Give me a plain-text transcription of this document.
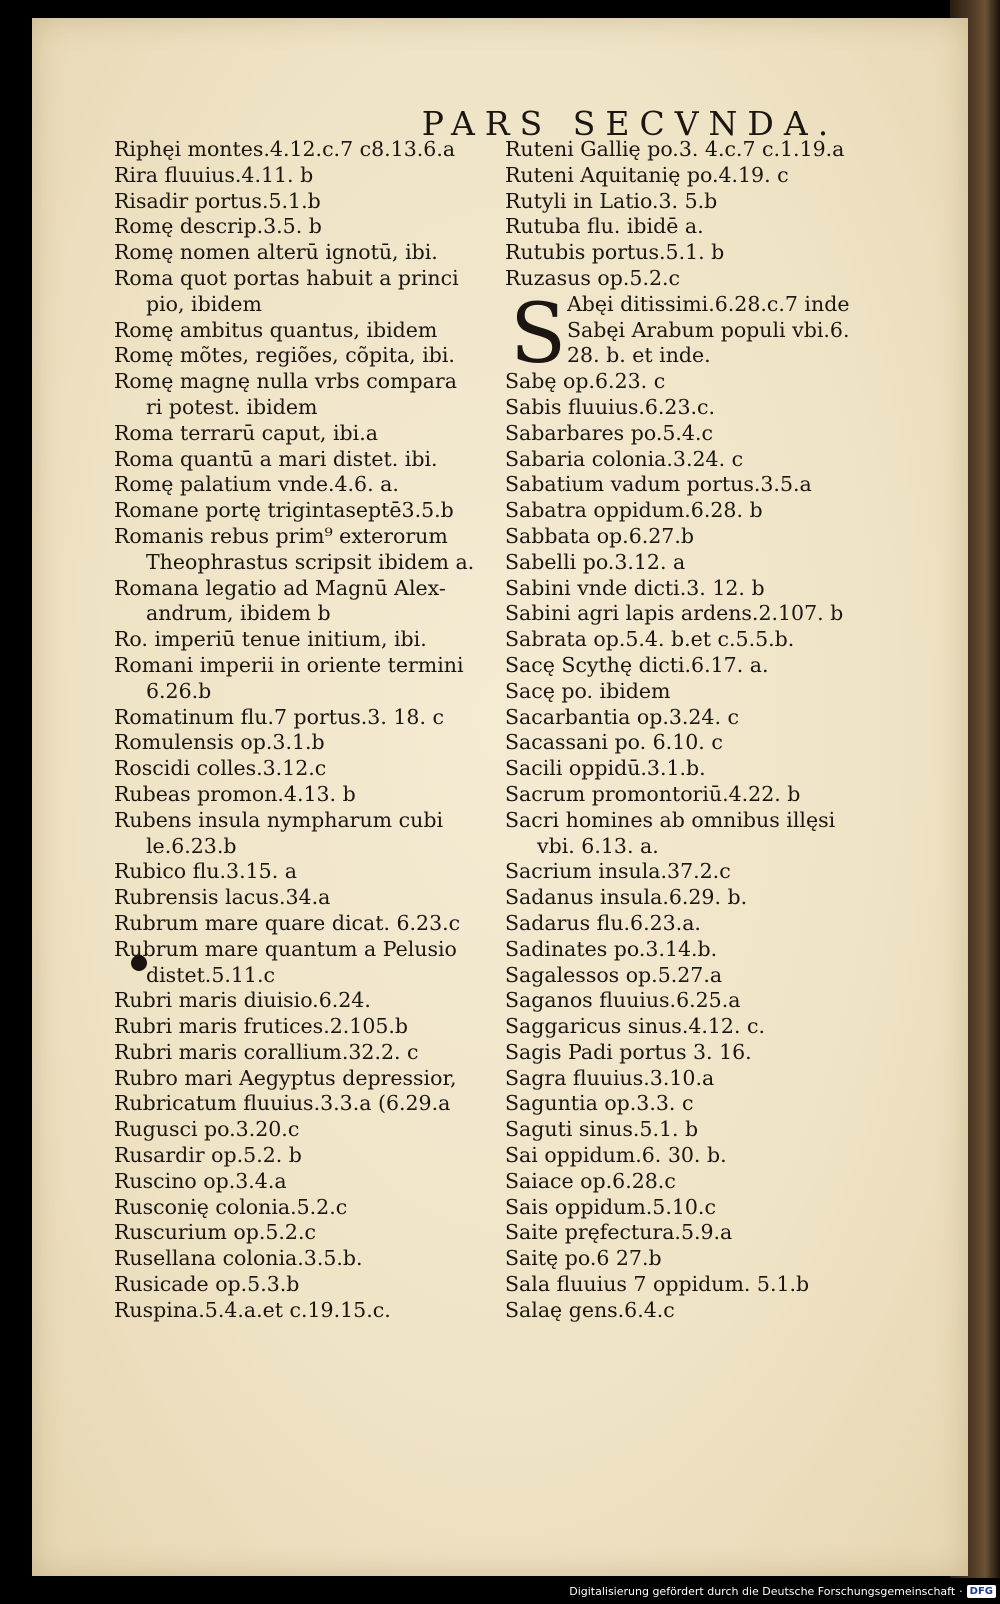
PARS SECVNDA.
Riphęi montes.4.12.c.7 c8.13.6.a
Rira fluuius.4.11. b
Risadir portus.5.1.b
Romę descrip.3.5. b
Romę nomen alterū ignotū, ibi.
Roma quot portas habuit a princi
pio, ibidem
Romę ambitus quantus, ibidem
Romę mõtes, regiões, cõpita, ibi.
Romę magnę nulla vrbs compara
ri potest. ibidem
Roma terrarū caput, ibi.a
Roma quantū a mari distet. ibi.
Romę palatium vnde.4.6. a.
Romane portę trigintaseptē3.5.b
Romanis rebus prim⁹ exterorum
Theophrastus scripsit ibidem a.
Romana legatio ad Magnū Alex-
andrum, ibidem b
Ro. imperiū tenue initium, ibi.
Romani imperii in oriente termini
6.26.b
Romatinum flu.7 portus.3. 18. c
Romulensis op.3.1.b
Roscidi colles.3.12.c
Rubeas promon.4.13. b
Rubens insula nympharum cubi
le.6.23.b
Rubico flu.3.15. a
Rubrensis lacus.34.a
Rubrum mare quare dicat. 6.23.c
Rubrum mare quantum a Pelusio
distet.5.11.c
Rubri maris diuisio.6.24.
Rubri maris frutices.2.105.b
Rubri maris corallium.32.2. c
Rubro mari Aegyptus depressior,
Rubricatum fluuius.3.3.a (6.29.a
Rugusci po.3.20.c
Rusardir op.5.2. b
Ruscino op.3.4.a
Rusconię colonia.5.2.c
Ruscurium op.5.2.c
Rusellana colonia.3.5.b.
Rusicade op.5.3.b
Ruspina.5.4.a.et c.19.15.c.
S
Ruteni Gallię po.3. 4.c.7 c.1.19.a
Ruteni Aquitanię po.4.19. c
Rutyli in Latio.3. 5.b
Rutuba flu. ibidē a.
Rutubis portus.5.1. b
Ruzasus op.5.2.c
Abęi ditissimi.6.28.c.7 inde
Sabęi Arabum populi vbi.6.
28. b. et inde.
Sabę op.6.23. c
Sabis fluuius.6.23.c.
Sabarbares po.5.4.c
Sabaria colonia.3.24. c
Sabatium vadum portus.3.5.a
Sabatra oppidum.6.28. b
Sabbata op.6.27.b
Sabelli po.3.12. a
Sabini vnde dicti.3. 12. b
Sabini agri lapis ardens.2.107. b
Sabrata op.5.4. b.et c.5.5.b.
Sacę Scythę dicti.6.17. a.
Sacę po. ibidem
Sacarbantia op.3.24. c
Sacassani po. 6.10. c
Sacili oppidū.3.1.b.
Sacrum promontoriū.4.22. b
Sacri homines ab omnibus illęsi
vbi. 6.13. a.
Sacrium insula.37.2.c
Sadanus insula.6.29. b.
Sadarus flu.6.23.a.
Sadinates po.3.14.b.
Sagalessos op.5.27.a
Saganos fluuius.6.25.a
Saggaricus sinus.4.12. c.
Sagis Padi portus 3. 16.
Sagra fluuius.3.10.a
Saguntia op.3.3. c
Saguti sinus.5.1. b
Sai oppidum.6. 30. b.
Saiace op.6.28.c
Sais oppidum.5.10.c
Saite pręfectura.5.9.a
Saitę po.6 27.b
Sala fluuius 7 oppidum. 5.1.b
Salaę gens.6.4.c
Digitalisierung gefördert durch die Deutsche Forschungsgemeinschaft · DFG
